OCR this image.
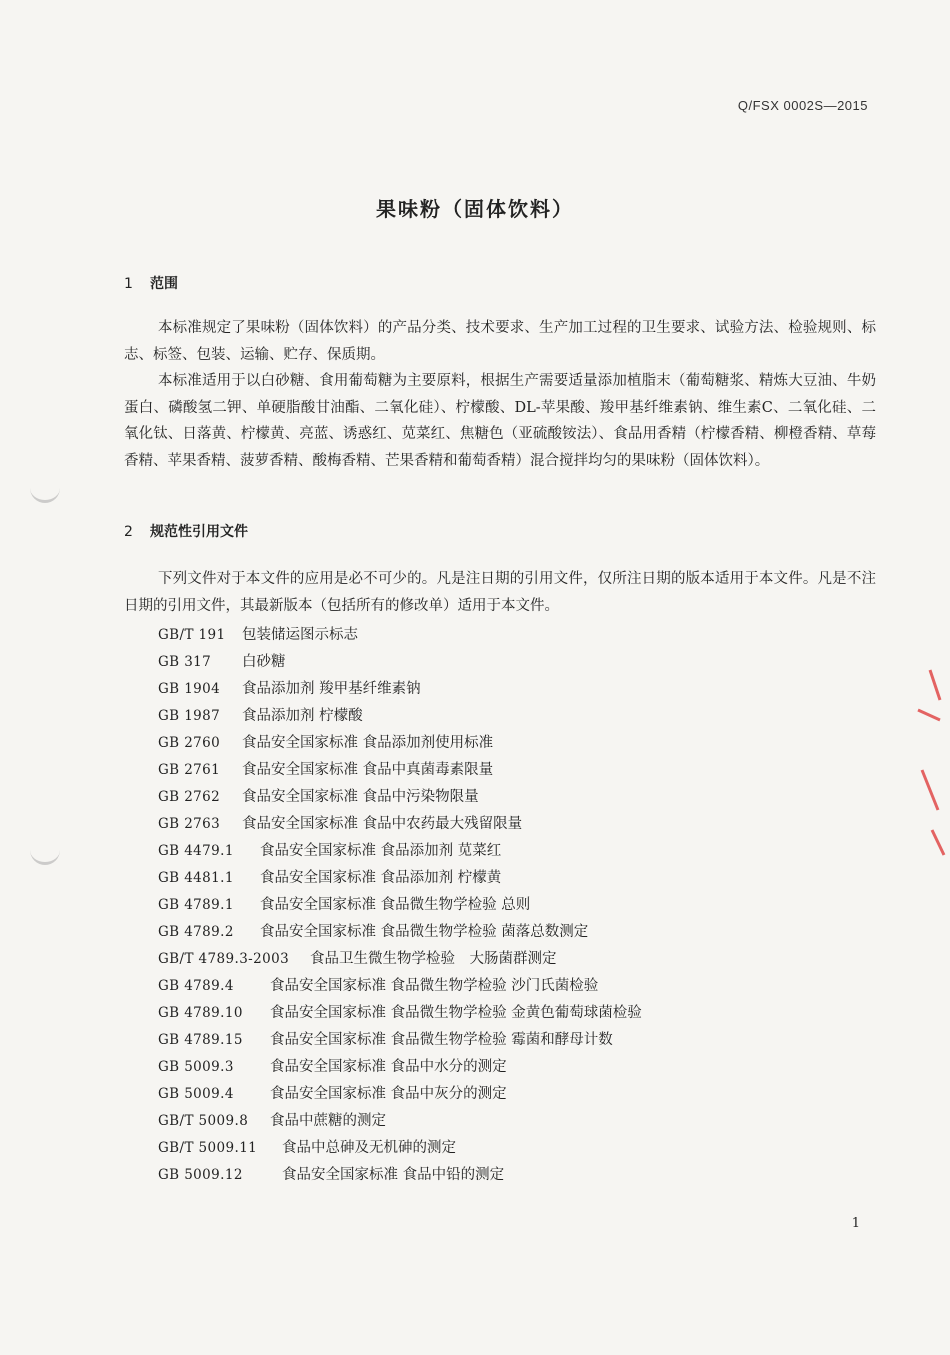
Q/FSX 0002S—2015
果味粉（固体饮料）
1 范围

本标准规定了果味粉（固体饮料）的产品分类、技术要求、生产加工过程的卫生要求、试验方法、检验规则、标志、标签、包装、运输、贮存、保质期。

本标准适用于以白砂糖、食用葡萄糖为主要原料，根据生产需要适量添加植脂末（葡萄糖浆、精炼大豆油、牛奶蛋白、磷酸氢二钾、单硬脂酸甘油酯、二氧化硅）、柠檬酸、DL-苹果酸、羧甲基纤维素钠、维生素C、二氧化硅、二氧化钛、日落黄、柠檬黄、亮蓝、诱惑红、苋菜红、焦糖色（亚硫酸铵法）、食品用香精（柠檬香精、柳橙香精、草莓香精、苹果香精、菠萝香精、酸梅香精、芒果香精和葡萄香精）混合搅拌均匀的果味粉（固体饮料）。

2 规范性引用文件

下列文件对于本文件的应用是必不可少的。凡是注日期的引用文件，仅所注日期的版本适用于本文件。凡是不注日期的引用文件，其最新版本（包括所有的修改单）适用于本文件。

GB/T 191 包装储运图示标志
GB 317 白砂糖
GB 1904 食品添加剂 羧甲基纤维素钠
GB 1987 食品添加剂 柠檬酸
GB 2760 食品安全国家标准 食品添加剂使用标准
GB 2761 食品安全国家标准 食品中真菌毒素限量
GB 2762 食品安全国家标准 食品中污染物限量
GB 2763 食品安全国家标准 食品中农药最大残留限量
GB 4479.1 食品安全国家标准 食品添加剂 苋菜红
GB 4481.1 食品安全国家标准 食品添加剂 柠檬黄
GB 4789.1 食品安全国家标准 食品微生物学检验 总则
GB 4789.2 食品安全国家标准 食品微生物学检验 菌落总数测定
GB/T 4789.3-2003 食品卫生微生物学检验　大肠菌群测定
GB 4789.4 食品安全国家标准 食品微生物学检验 沙门氏菌检验
GB 4789.10 食品安全国家标准 食品微生物学检验 金黄色葡萄球菌检验
GB 4789.15 食品安全国家标准 食品微生物学检验 霉菌和酵母计数
GB 5009.3 食品安全国家标准 食品中水分的测定
GB 5009.4 食品安全国家标准 食品中灰分的测定
GB/T 5009.8 食品中蔗糖的测定
GB/T 5009.11 食品中总砷及无机砷的测定
GB 5009.12	食品安全国家标准 食品中铅的测定
1
